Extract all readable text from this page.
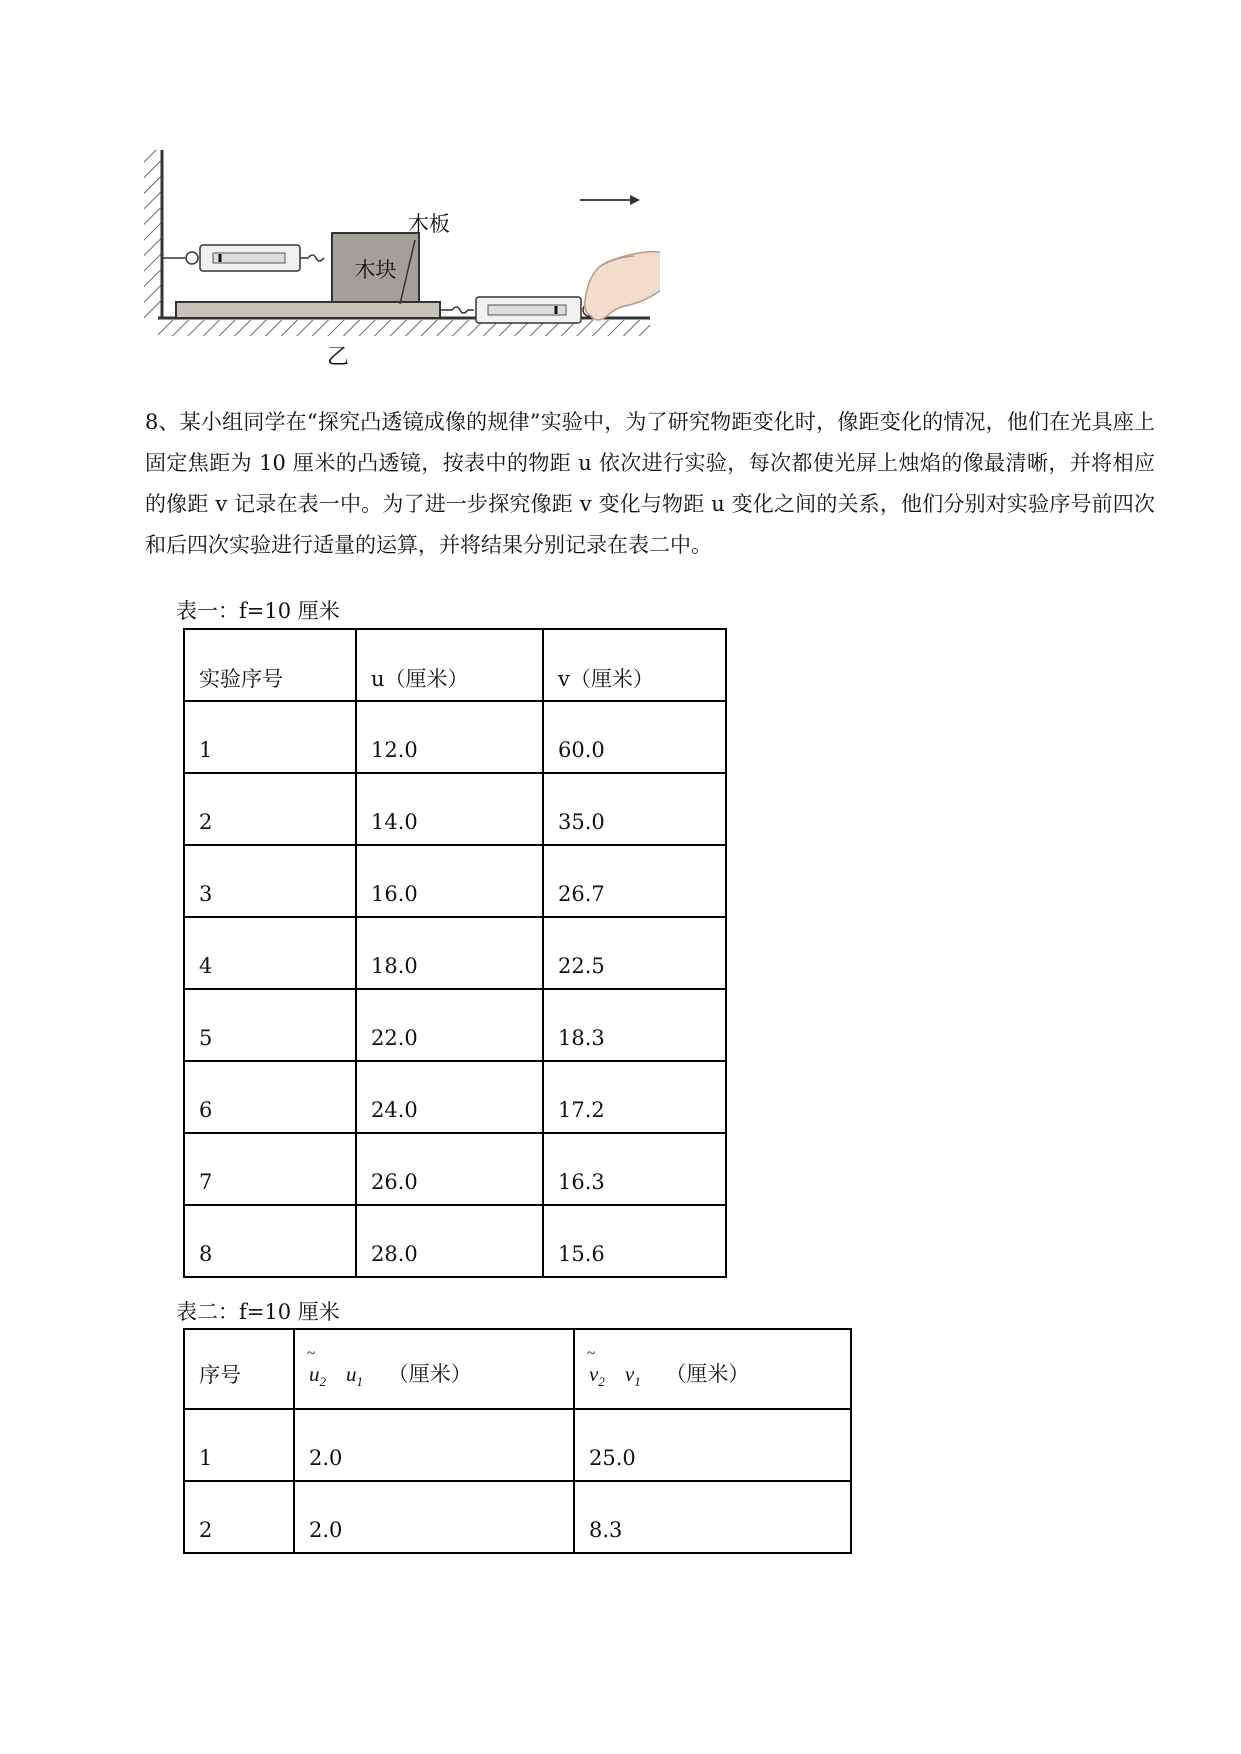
木块
木板
乙
8、某小组同学在“探究凸透镜成像的规律”实验中，为了研究物距变化时，像距变化的情况，他们在光具座上固定焦距为 10 厘米的凸透镜，按表中的物距 u 依次进行实验，每次都使光屏上烛焰的像最清晰，并将相应的像距 v 记录在表一中。为了进一步探究像距 v 变化与物距 u 变化之间的关系，他们分别对实验序号前四次和后四次实验进行适量的运算，并将结果分别记录在表二中。
表一：f=10 厘米
实验序号	u（厘米）	v（厘米）
1	12.0	60.0
2	14.0	35.0
3	16.0	26.7
4	18.0	22.5
5	22.0	18.3
6	24.0	17.2
7	26.0	16.3
8	28.0	15.6
表二：f=10 厘米
序号	~ $u_2$ $u_1$ （厘米）	~ $v_2$ $v_1$ （厘米）
1	2.0	25.0
2	2.0	8.3
